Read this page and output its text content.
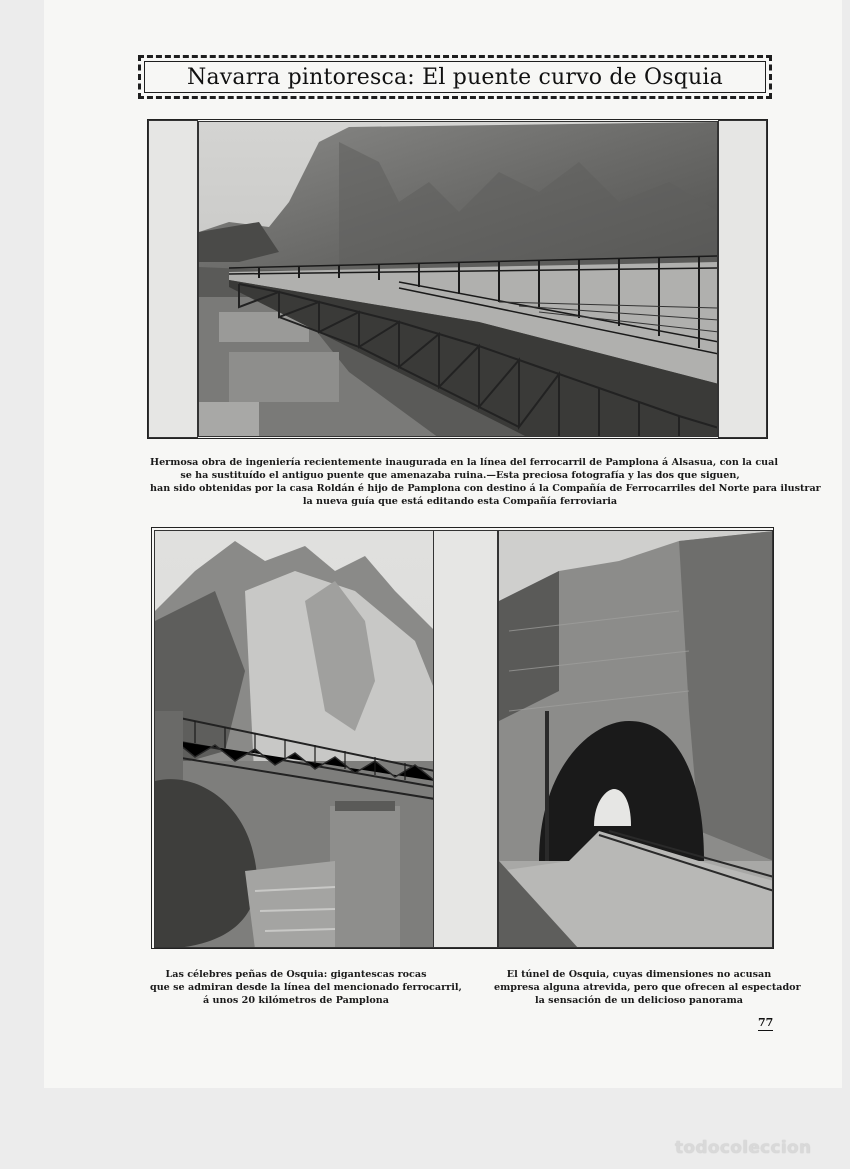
Navarra pintoresca: El puente curvo de Osquia
Hermosa obra de ingeniería recientemente inaugurada en la línea del ferrocarril de Pamplona á Alsasua, con la cual
se ha sustituído el antiguo puente que amenazaba ruina.—Esta preciosa fotografía y las dos que siguen,
han sido obtenidas por la casa Roldán é hijo de Pamplona con destino á la Compañía de Ferrocarriles del Norte para ilustrar
la nueva guía que está editando esta Compañía ferroviaria
Las célebres peñas de Osquia: gigantescas rocas
que se admiran desde la línea del mencionado ferrocarril,
á unos 20 kilómetros de Pamplona
El túnel de Osquia, cuyas dimensiones no acusan
empresa alguna atrevida, pero que ofrecen al espectador
la sensación de un delicioso panorama
77
todocoleccion
